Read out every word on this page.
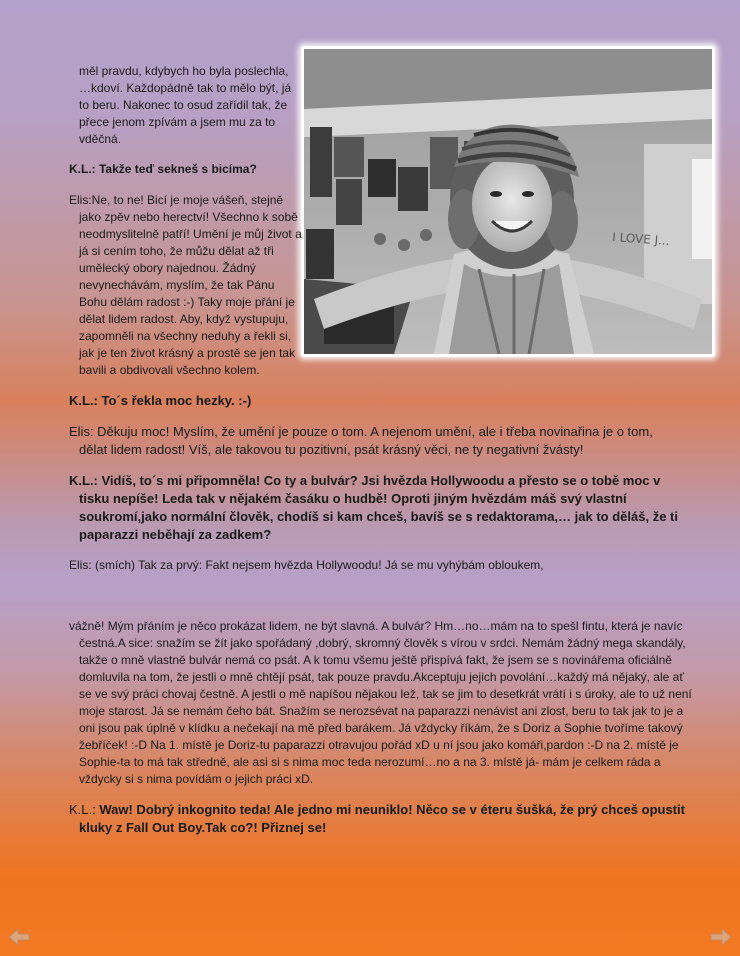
I LOVE J...

měl pravdu, kdybych ho byla poslechla, …kdoví. Každopádně tak to mělo být, já to beru. Nakonec to osud zařídil tak, že přece jenom zpívám a jsem mu za to vděčná.

K.L.: Takže teď sekneš s bicíma?

Elis:Ne, to ne! Bicí je moje vášeň, stejně jako zpěv nebo herectví! Všechno k sobě neodmyslitelně patří! Umění je můj život a já si cením toho, že můžu dělat až tři umělecký obory najednou. Žádný nevynechávám, myslím, že tak Pánu Bohu dělám radost :-) Taky moje přání je dělat lidem radost. Aby, když vystupuju, zapomněli na všechny neduhy a řekli si, jak je ten život krásný a prostě se jen tak bavili a obdivovali všechno kolem.

K.L.: To´s řekla moc hezky. :-)

Elis: Děkuju moc! Myslím, že umění je pouze o tom. A nejenom umění, ale i třeba novinařina je o tom, dělat lidem radost! Víš, ale takovou tu pozitivní, psát krásný věci, ne ty negativní žvásty!

K.L.: Vidíš, to´s mi připomněla! Co ty a bulvár? Jsi hvězda Hollywoodu a přesto se o tobě moc v tisku nepíše! Leda tak v nějakém časáku o hudbě! Oproti jiným hvězdám máš svý vlastní soukromí,jako normální člověk, chodíš si kam chceš, bavíš se s redaktorama,… jak to děláš, že ti paparazzi neběhají za zadkem?

Elis: (smích) Tak za prvý: Fakt nejsem hvězda Hollywoodu! Já se mu vyhýbám obloukem,

vážně! Mým přáním je něco prokázat lidem, ne být slavná. A bulvár? Hm…no…mám na to spešl fintu, která je navíc čestná.A sice: snažím se žít jako spořádaný ,dobrý, skromný člověk s vírou v srdci. Nemám žádný mega skandály, takže o mně vlastně bulvár nemá co psát. A k tomu všemu ještě přispívá fakt, že jsem se s novinářema oficiálně domluvila na tom, že jestli o mně chtějí psát, tak pouze pravdu.Akceptuju jejich povolání…každý má nějaký, ale ať se ve svý práci chovaj čestně. A jestli o mě napíšou nějakou lež, tak se jim to desetkrát vrátí i s úroky, ale to už není moje starost. Já se nemám čeho bát. Snažím se nerozsévat na paparazzi nenávist ani zlost, beru to tak jak to je a oni jsou pak úplně v klídku a nečekají na mě před barákem. Já vždycky říkám, že s Doriz a Sophie tvoříme takový žebříček! :-D Na 1. místě je Doriz-tu paparazzi otravujou pořád xD u ní jsou jako komáři,pardon :-D na 2. místě je Sophie-ta to má tak středně, ale asi si s nima moc teda nerozumí…no a na 3. místě já- mám je celkem ráda a vždycky si s nima povídám o jejich práci xD.

K.L.: Waw! Dobrý inkognito teda! Ale jedno mi neuniklo! Něco se v éteru šušká, že prý chceš opustit kluky z Fall Out Boy.Tak co?! Přiznej se!
